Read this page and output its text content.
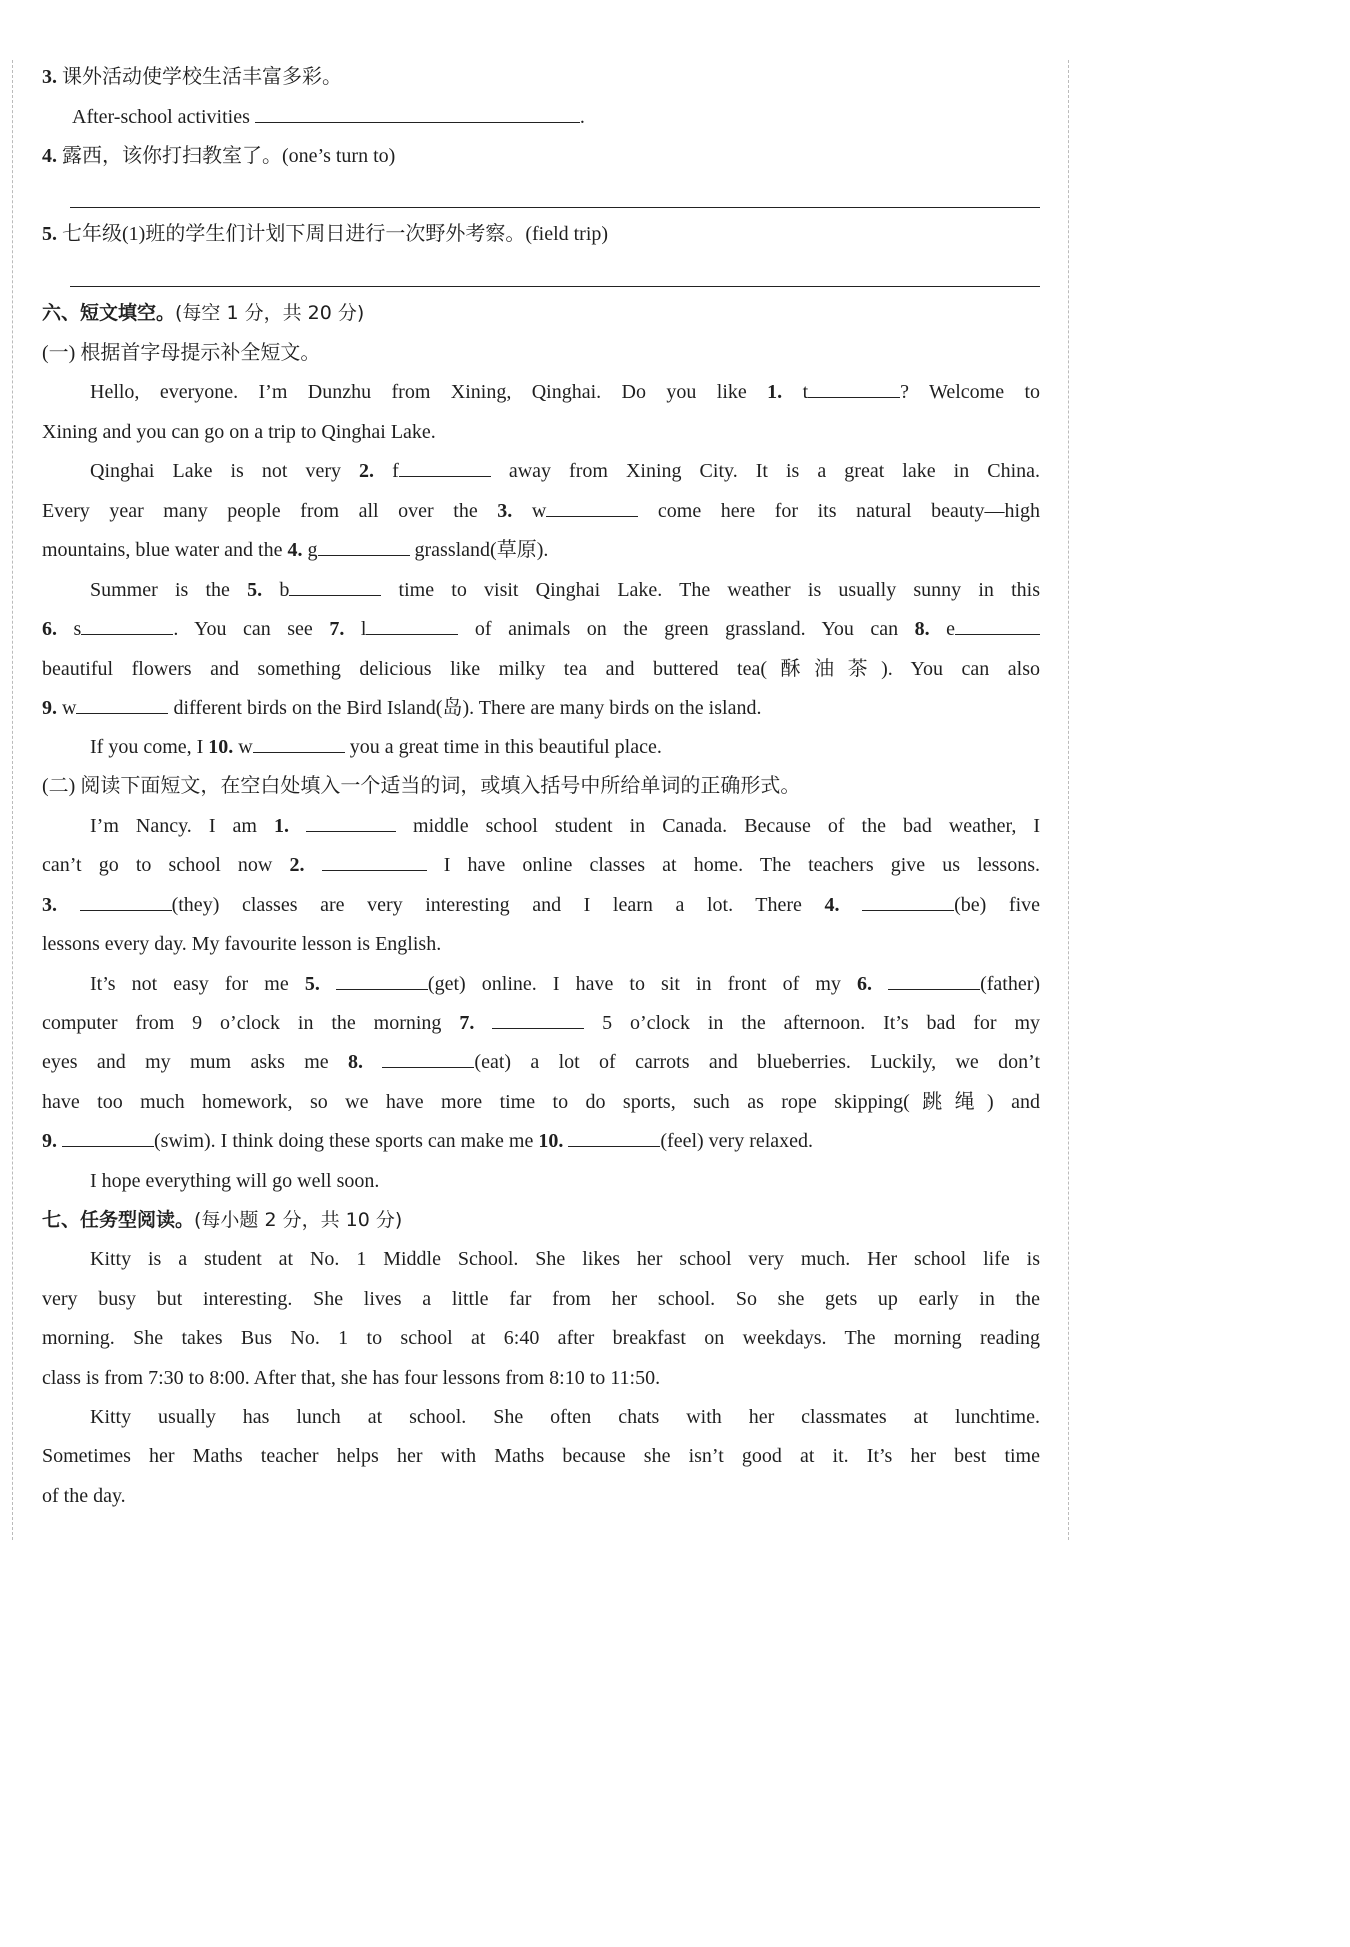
3. 课外活动使学校生活丰富多彩。
After-school activities	.
4. 露西，该你打扫教室了。(one’s turn to)
5. 七年级(1)班的学生们计划下周日进行一次野外考察。(field trip)
六、短文填空。(每空 1 分，共 20 分)
(一) 根据首字母提示补全短文。
Hello, everyone. I’m Dunzhu from Xining, Qinghai. Do you like 1. t	? Welcome to
Xining and you can go on a trip to Qinghai Lake.
Qinghai Lake is not very 2. f	away from Xining City. It is a great lake in China.
Every year many people from all over the 3. w	come here for its natural beauty—high
mountains, blue water and the 4. g	grassland(草原).
Summer is the 5. b	time to visit Qinghai Lake. The weather is usually sunny in this
6. s	. You can see 7. l	of animals on the green grassland. You can 8. e
beautiful flowers and something delicious like milky tea and buttered tea(酥油茶). You can also
9. w	different birds on the Bird Island(岛). There are many birds on the island.
If you come, I 10. w	you a great time in this beautiful place.
(二) 阅读下面短文，在空白处填入一个适当的词，或填入括号中所给单词的正确形式。
I’m Nancy. I am 1.	middle school student in Canada. Because of the bad weather, I
can’t go to school now 2.	I have online classes at home. The teachers give us lessons.
3.	(they) classes are very interesting and I learn a lot. There 4.	(be) five
lessons every day. My favourite lesson is English.
It’s not easy for me 5.	(get) online. I have to sit in front of my 6.	(father)
computer from 9 o’clock in the morning 7.	5 o’clock in the afternoon. It’s bad for my
eyes and my mum asks me 8.	(eat) a lot of carrots and blueberries. Luckily, we don’t
have too much homework, so we have more time to do sports, such as rope skipping(跳绳) and
9.	(swim). I think doing these sports can make me 10.	(feel) very relaxed.
I hope everything will go well soon.
七、任务型阅读。(每小题 2 分，共 10 分)
Kitty is a student at No. 1 Middle School. She likes her school very much. Her school life is
very busy but interesting. She lives a little far from her school. So she gets up early in the
morning. She takes Bus No. 1 to school at 6:40 after breakfast on weekdays. The morning reading
class is from 7:30 to 8:00. After that, she has four lessons from 8:10 to 11:50.
Kitty usually has lunch at school. She often chats with her classmates at lunchtime.
Sometimes her Maths teacher helps her with Maths because she isn’t good at it. It’s her best time
of the day.
